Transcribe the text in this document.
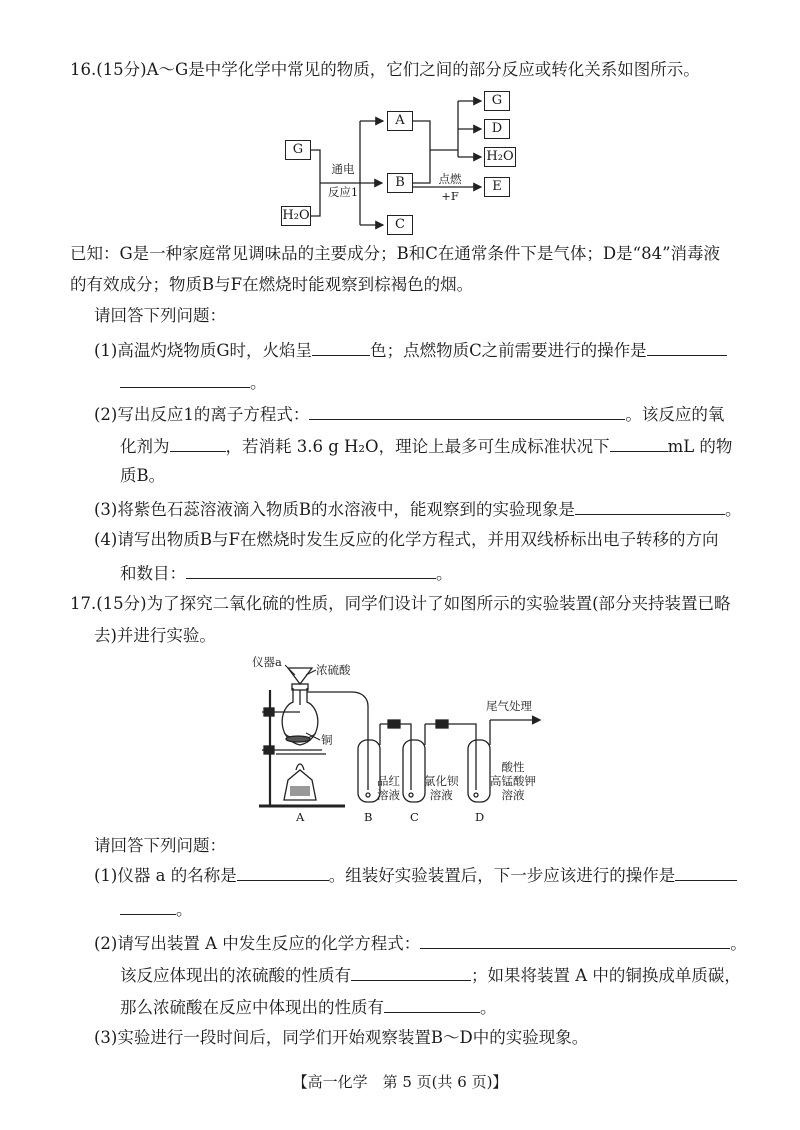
16.(15分)A～G是中学化学中常见的物质，它们之间的部分反应或转化关系如图所示。
G
H₂O
通电
反应1
A
B
C
G
D
H₂O
E
点燃
+F
已知：G是一种家庭常见调味品的主要成分；B和C在通常条件下是气体；D是“84”消毒液
的有效成分；物质B与F在燃烧时能观察到棕褐色的烟。
请回答下列问题：
(1)高温灼烧物质G时，火焰呈	色；点燃物质C之前需要进行的操作是
。
(2)写出反应1的离子方程式：	。该反应的氧
化剂为	，若消耗 3.6 g H₂O，理论上最多可生成标准状况下	mL 的物
质B。
(3)将紫色石蕊溶液滴入物质B的水溶液中，能观察到的实验现象是	。
(4)请写出物质B与F在燃烧时发生反应的化学方程式，并用双线桥标出电子转移的方向
和数目：	。
17.(15分)为了探究二氧化硫的性质，同学们设计了如图所示的实验装置(部分夹持装置已略
去)并进行实验。
仪器a
浓硫酸
铜
尾气处理
品红
溶液
氯化钡
溶液
酸性
高锰酸钾
溶液
A	B	C	D
请回答下列问题：
(1)仪器 a 的名称是	。组装好实验装置后，下一步应该进行的操作是
。
(2)请写出装置 A 中发生反应的化学方程式：	。
该反应体现出的浓硫酸的性质有	；如果将装置 A 中的铜换成单质碳，
那么浓硫酸在反应中体现出的性质有	。
(3)实验进行一段时间后，同学们开始观察装置B～D中的实验现象。
【高一化学　第 5 页(共 6 页)】
